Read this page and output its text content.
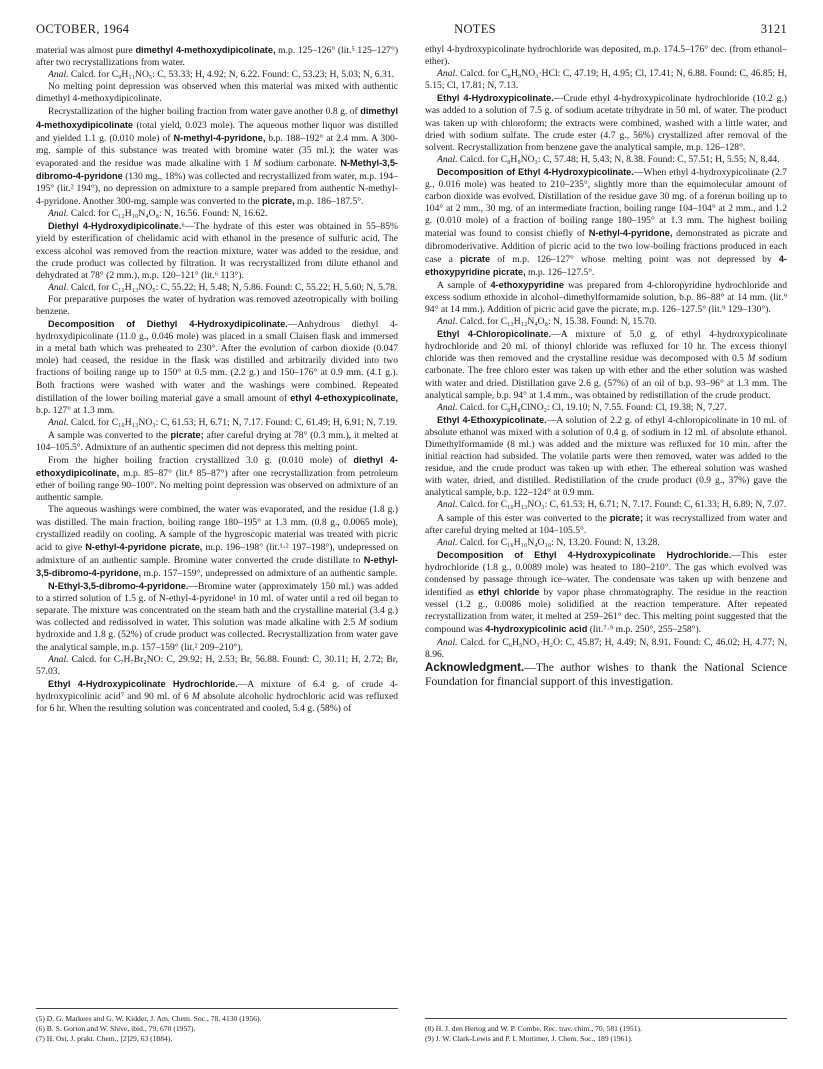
OCTOBER, 1964	NOTES	3121

material was almost pure dimethyl 4-methoxydipicolinate, m.p. 125–126° (lit.⁵ 125–127°) after two recrystallizations from water.

Anal. Calcd. for C₉H₁₁NO₅: C, 53.33; H, 4.92; N, 6.22. Found: C, 53.23; H, 5.03; N, 6.31.

No melting point depression was observed when this material was mixed with authentic dimethyl 4-methoxydipicolinate.

Recrystallization of the higher boiling fraction from water gave another 0.8 g. of dimethyl 4-methoxydipicolinate (total yield, 0.023 mole). The aqueous mother liquor was distilled and yielded 1.1 g. (0.010 mole) of N-methyl-4-pyridone, b.p. 188–192° at 2.4 mm. A 300-mg. sample of this substance was treated with bromine water (35 ml.); the water was evaporated and the residue was made alkaline with 1 M sodium carbonate. N-Methyl-3,5-dibromo-4-pyridone (130 mg., 18%) was collected and recrystallized from water, m.p. 194–195° (lit.² 194°), no depression on admixture to a sample prepared from authentic N-methyl-4-pyridone. Another 300-mg. sample was converted to the picrate, m.p. 186–187.5°.

Anal. Calcd. for C₁₂H₁₀N₄O₈: N, 16.56. Found: N, 16.62.

Diethyl 4-Hydroxydipicolinate.⁶—The hydrate of this ester was obtained in 55–85% yield by esterification of chelidamic acid with ethanol in the presence of sulfuric acid. The excess alcohol was removed from the reaction mixture, water was added to the residue, and the crude product was collected by filtration. It was recrystallized from dilute ethanol and dehydrated at 78° (2 mm.), m.p. 120–121° (lit.⁶ 113°).

Anal. Calcd. for C₁₁H₁₃NO₅: C, 55.22; H, 5.48; N, 5.86. Found: C, 55.22; H, 5.60; N, 5.78.

For preparative purposes the water of hydration was removed azeotropically with boiling benzene.

Decomposition of Diethyl 4-Hydroxydipicolinate.—Anhydrous diethyl 4-hydroxydipicolinate (11.0 g., 0.046 mole) was placed in a small Claisen flask and immersed in a metal bath which was preheated to 230°. After the evolution of carbon dioxide (0.047 mole) had ceased, the residue in the flask was distilled and arbitrarily divided into two fractions of boiling range up to 150° at 0.5 mm. (2.2 g.) and 150–176° at 0.9 mm. (4.1 g.). Both fractions were washed with water and the washings were combined. Repeated distillation of the lower boiling material gave a small amount of ethyl 4-ethoxypicolinate, b.p. 127° at 1.3 mm.

Anal. Calcd. for C₁₀H₁₃NO₃: C, 61.53; H, 6.71; N, 7.17. Found: C, 61.49; H, 6.91; N, 7.19.

A sample was converted to the picrate; after careful drying at 78° (0.3 mm.), it melted at 104–105.5°. Admixture of an authentic specimen did not depress this melting point.

From the higher boiling fraction crystallized 3.0 g. (0.010 mole) of diethyl 4-ethoxydipicolinate, m.p. 85–87° (lit.⁸ 85–87°) after one recrystallization from petroleum ether of boiling range 90–100°. No melting point depression was observed on admixture of an authentic sample.

The aqueous washings were combined, the water was evaporated, and the residue (1.8 g.) was distilled. The main fraction, boiling range 180–195° at 1.3 mm. (0.8 g., 0.0065 mole), crystallized readily on cooling. A sample of the hygroscopic material was treated with picric acid to give N-ethyl-4-pyridone picrate, m.p. 196–198° (lit.¹·² 197–198°), undepressed on admixture of an authentic sample. Bromine water converted the crude distillate to N-ethyl-3,5-dibromo-4-pyridone, m.p. 157–159°, undepressed on admixture of an authentic sample.

N-Ethyl-3,5-dibromo-4-pyridone.—Bromine water (approximately 150 ml.) was added to a stirred solution of 1.5 g. of N-ethyl-4-pyridone¹ in 10 ml. of water until a red oil began to separate. The mixture was concentrated on the steam bath and the crystalline material (3.4 g.) was collected and redissolved in water. This solution was made alkaline with 2.5 M sodium hydroxide and 1.8 g. (52%) of crude product was collected. Recrystallization from water gave the analytical sample, m.p. 157–159° (lit.² 209–210°).

Anal. Calcd. for C₇H₇Br₂NO: C, 29.92; H, 2.53; Br, 56.88. Found: C, 30.11; H, 2.72; Br, 57.03.

Ethyl 4-Hydroxypicolinate Hydrochloride.—A mixture of 6.4 g. of crude 4-hydroxypicolinic acid⁷ and 90 ml. of 6 M absolute alcoholic hydrochloric acid was refluxed for 6 hr. When the resulting solution was concentrated and cooled, 5.4 g. (58%) of

(5) D. G. Markees and G. W. Kidder, J. Am. Chem. Soc., 78, 4130 (1956).
(6) B. S. Gorton and W. Shive, ibid., 79, 670 (1957).
(7) H. Ost, J. prakt. Chem., [2]29, 63 (1884).

ethyl 4-hydroxypicolinate hydrochloride was deposited, m.p. 174.5–176° dec. (from ethanol–ether).

Anal. Calcd. for C₈H₉NO₃·HCl: C, 47.19; H, 4.95; Cl, 17.41; N, 6.88. Found: C, 46.85; H, 5.15; Cl, 17.81; N, 7.13.

Ethyl 4-Hydroxypicolinate.—Crude ethyl 4-hydroxypicolinate hydrochloride (10.2 g.) was added to a solution of 7.5 g. of sodium acetate trihydrate in 50 ml. of water. The product was taken up with chloroform; the extracts were combined, washed with a little water, and dried with sodium sulfate. The crude ester (4.7 g., 56%) crystallized after removal of the solvent. Recrystallization from benzene gave the analytical sample, m.p. 126–128°.

Anal. Calcd. for C₈H₉NO₃: C, 57.48; H, 5.43; N, 8.38. Found: C, 57.51; H, 5.55; N, 8.44.

Decomposition of Ethyl 4-Hydroxypicolinate.—When ethyl 4-hydroxypicolinate (2.7 g., 0.016 mole) was heated to 210–235°, slightly more than the equimolecular amount of carbon dioxide was evolved. Distillation of the residue gave 30 mg. of a forerun boiling up to 104° at 2 mm., 30 mg. of an intermediate fraction, boiling range 104–104° at 2 mm., and 1.2 g. (0.010 mole) of a fraction of boiling range 180–195° at 1.3 mm. The highest boiling material was found to consist chiefly of N-ethyl-4-pyridone, demonstrated as picrate and dibromoderivative. Addition of picric acid to the two low-boiling fractions produced in each case a picrate of m.p. 126–127° whose melting point was not depressed by 4-ethoxypyridine picrate, m.p. 126–127.5°.

A sample of 4-ethoxypyridine was prepared from 4-chloropyridine hydrochloride and excess sodium ethoxide in alcohol–dimethylformamide solution, b.p. 86–88° at 14 mm. (lit.⁹ 94° at 14 mm.). Addition of picric acid gave the picrate, m.p. 126–127.5° (lit.⁹ 129–130°).

Anal. Calcd. for C₁₃H₁₂N₄O₈: N, 15.38. Found: N, 15.70.

Ethyl 4-Chloropicolinate.—A mixture of 5.0 g. of ethyl 4-hydroxypicolinate hydrochloride and 20 ml. of thionyl chloride was refluxed for 10 hr. The excess thionyl chloride was then removed and the crystalline residue was decomposed with 0.5 M sodium carbonate. The free chloro ester was taken up with ether and the ether solution was washed with water and dried. Distillation gave 2.6 g. (57%) of an oil of b.p. 93–96° at 1.3 mm. The analytical sample, b.p. 94° at 1.4 mm., was obtained by redistillation of the crude product.

Anal. Calcd. for C₈H₈ClNO₂: Cl, 19.10; N, 7.55. Found: Cl, 19.38; N, 7.27.

Ethyl 4-Ethoxypicolinate.—A solution of 2.2 g. of ethyl 4-chloropicolinate in 10 ml. of absolute ethanol was mixed with a solution of 0.4 g. of sodium in 12 ml. of absolute ethanol. Dimethylformamide (8 ml.) was added and the mixture was refluxed for 10 min. after the initial reaction had subsided. The volatile parts were then removed, water was added to the residue, and the crude product was taken up with ether. The ethereal solution was washed with water, dried, and distilled. Redistillation of the crude product (0.9 g., 37%) gave the analytical sample, b.p. 122–124° at 0.9 mm.

Anal. Calcd. for C₁₀H₁₃NO₃: C, 61.53; H, 6.71; N, 7.17. Found: C, 61.33; H, 6.89; N, 7.07.

A sample of this ester was converted to the picrate; it was recrystallized from water and after careful drying melted at 104–105.5°.

Anal. Calcd. for C₁₆H₁₆N₄O₁₀: N, 13.20. Found: N, 13.28.

Decomposition of Ethyl 4-Hydroxypicolinate Hydrochloride.—This ester hydrochloride (1.8 g., 0.0089 mole) was heated to 180–210°. The gas which evolved was condensed by passage through ice–water. The condensate was taken up with benzene and identified as ethyl chloride by vapor phase chromatography. The residue in the reaction vessel (1.2 g., 0.0086 mole) solidified at the reaction temperature. After repeated recrystallization from water, it melted at 259–261° dec. This melting point suggested that the compound was 4-hydroxypicolinic acid (lit.⁷·⁹ m.p. 250°, 255–258°).

Anal. Calcd. for C₆H₅NO₃·H₂O: C, 45.87; H, 4.49; N, 8.91. Found: C, 46.02; H, 4.77; N, 8.96.

Acknowledgment.—The author wishes to thank the National Science Foundation for financial support of this investigation.

(8) H. J. den Hertog and W. P. Combe, Rec. trav. chim., 70, 581 (1951).
(9) J. W. Clark-Lewis and P. I. Mortimer, J. Chem. Soc., 189 (1961).
